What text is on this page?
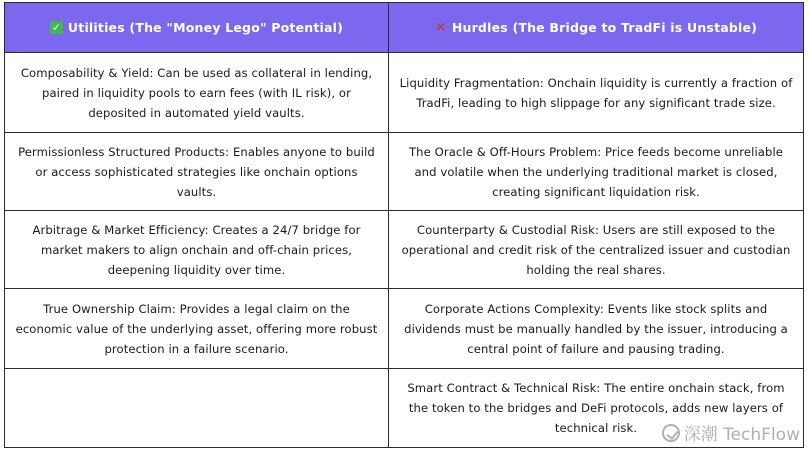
✓ Utilities (The "Money Lego" Potential)	✕ Hurdles (The Bridge to TradFi is Unstable)
Composability & Yield: Can be used as collateral in lending, paired in liquidity pools to earn fees (with IL risk), or deposited in automated yield vaults.
Liquidity Fragmentation: Onchain liquidity is currently a fraction of TradFi, leading to high slippage for any significant trade size.
Permissionless Structured Products: Enables anyone to build or access sophisticated strategies like onchain options vaults.
The Oracle & Off-Hours Problem: Price feeds become unreliable and volatile when the underlying traditional market is closed, creating significant liquidation risk.
Arbitrage & Market Efficiency: Creates a 24/7 bridge for market makers to align onchain and off-chain prices, deepening liquidity over time.
Counterparty & Custodial Risk: Users are still exposed to the operational and credit risk of the centralized issuer and custodian holding the real shares.
True Ownership Claim: Provides a legal claim on the economic value of the underlying asset, offering more robust protection in a failure scenario.
Corporate Actions Complexity: Events like stock splits and dividends must be manually handled by the issuer, introducing a central point of failure and pausing trading.
Smart Contract & Technical Risk: The entire onchain stack, from the token to the bridges and DeFi protocols, adds new layers of technical risk.	深潮 TechFlow
